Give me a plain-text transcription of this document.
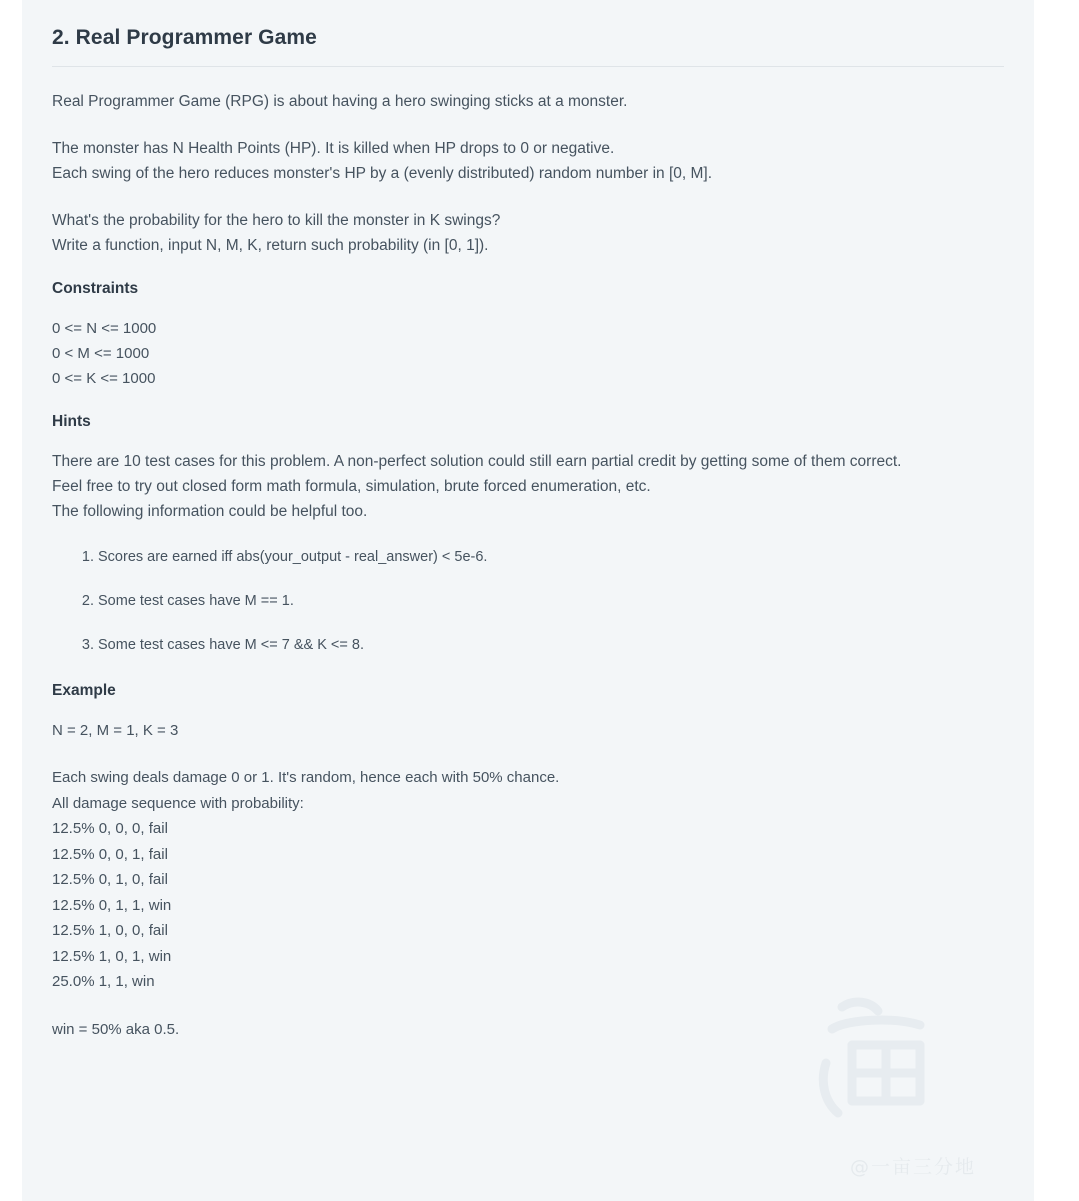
2. Real Programmer Game

Real Programmer Game (RPG) is about having a hero swinging sticks at a monster.

The monster has N Health Points (HP). It is killed when HP drops to 0 or negative.
Each swing of the hero reduces monster's HP by a (evenly distributed) random number in [0, M].

What's the probability for the hero to kill the monster in K swings?
Write a function, input N, M, K, return such probability (in [0, 1]).

Constraints
0 <= N <= 1000
0 < M <= 1000
0 <= K <= 1000
Hints

There are 10 test cases for this problem. A non-perfect solution could still earn partial credit by getting some of them correct.
Feel free to try out closed form math formula, simulation, brute forced enumeration, etc.
The following information could be helpful too.

1. Scores are earned iff abs(your_output - real_answer) < 5e-6.
2. Some test cases have M == 1.
3. Some test cases have M <= 7 && K <= 8.
Example
N = 2, M = 1, K = 3
Each swing deals damage 0 or 1. It's random, hence each with 50% chance.
All damage sequence with probability:
12.5% 0, 0, 0, fail
12.5% 0, 0, 1, fail
12.5% 0, 1, 0, fail
12.5% 0, 1, 1, win
12.5% 1, 0, 0, fail
12.5% 1, 0, 1, win
25.0% 1, 1, win
win = 50% aka 0.5.
@一亩三分地
